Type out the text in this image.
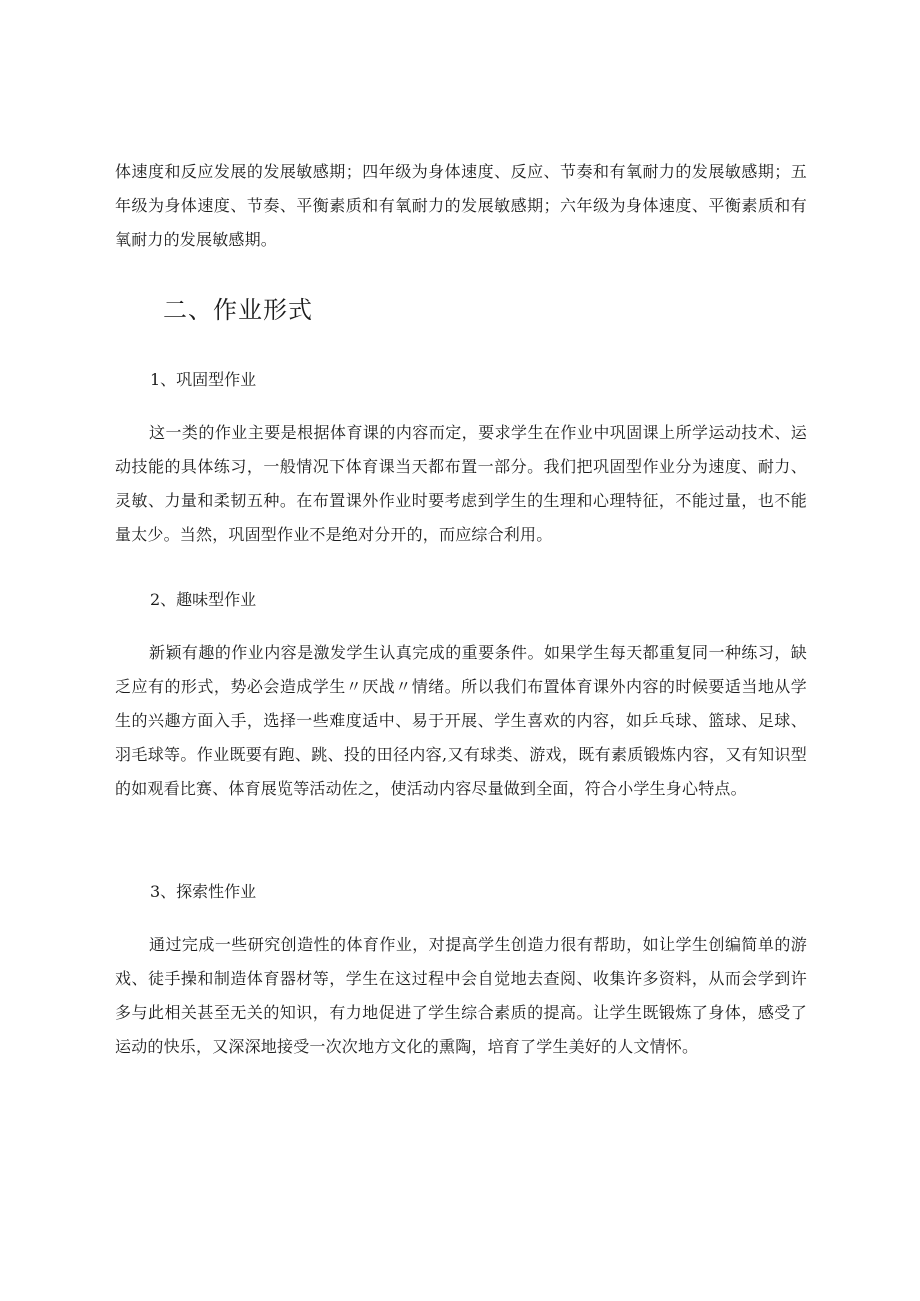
体速度和反应发展的发展敏感期；四年级为身体速度、反应、节奏和有氧耐力的发展敏感期；五年级为身体速度、节奏、平衡素质和有氧耐力的发展敏感期；六年级为身体速度、平衡素质和有氧耐力的发展敏感期。

二、作业形式
1、巩固型作业

这一类的作业主要是根据体育课的内容而定，要求学生在作业中巩固课上所学运动技术、运动技能的具体练习，一般情况下体育课当天都布置一部分。我们把巩固型作业分为速度、耐力、灵敏、力量和柔韧五种。在布置课外作业时要考虑到学生的生理和心理特征，不能过量，也不能量太少。当然，巩固型作业不是绝对分开的，而应综合利用。

2、趣味型作业

新颖有趣的作业内容是激发学生认真完成的重要条件。如果学生每天都重复同一种练习，缺乏应有的形式，势必会造成学生〃厌战〃情绪。所以我们布置体育课外内容的时候要适当地从学生的兴趣方面入手，选择一些难度适中、易于开展、学生喜欢的内容，如乒乓球、篮球、足球、羽毛球等。作业既要有跑、跳、投的田径内容,又有球类、游戏，既有素质锻炼内容，又有知识型的如观看比赛、体育展览等活动佐之，使活动内容尽量做到全面，符合小学生身心特点。

3、探索性作业

通过完成一些研究创造性的体育作业，对提高学生创造力很有帮助，如让学生创编简单的游戏、徒手操和制造体育器材等，学生在这过程中会自觉地去查阅、收集许多资料，从而会学到许多与此相关甚至无关的知识，有力地促进了学生综合素质的提高。让学生既锻炼了身体，感受了运动的快乐，又深深地接受一次次地方文化的熏陶，培育了学生美好的人文情怀。
